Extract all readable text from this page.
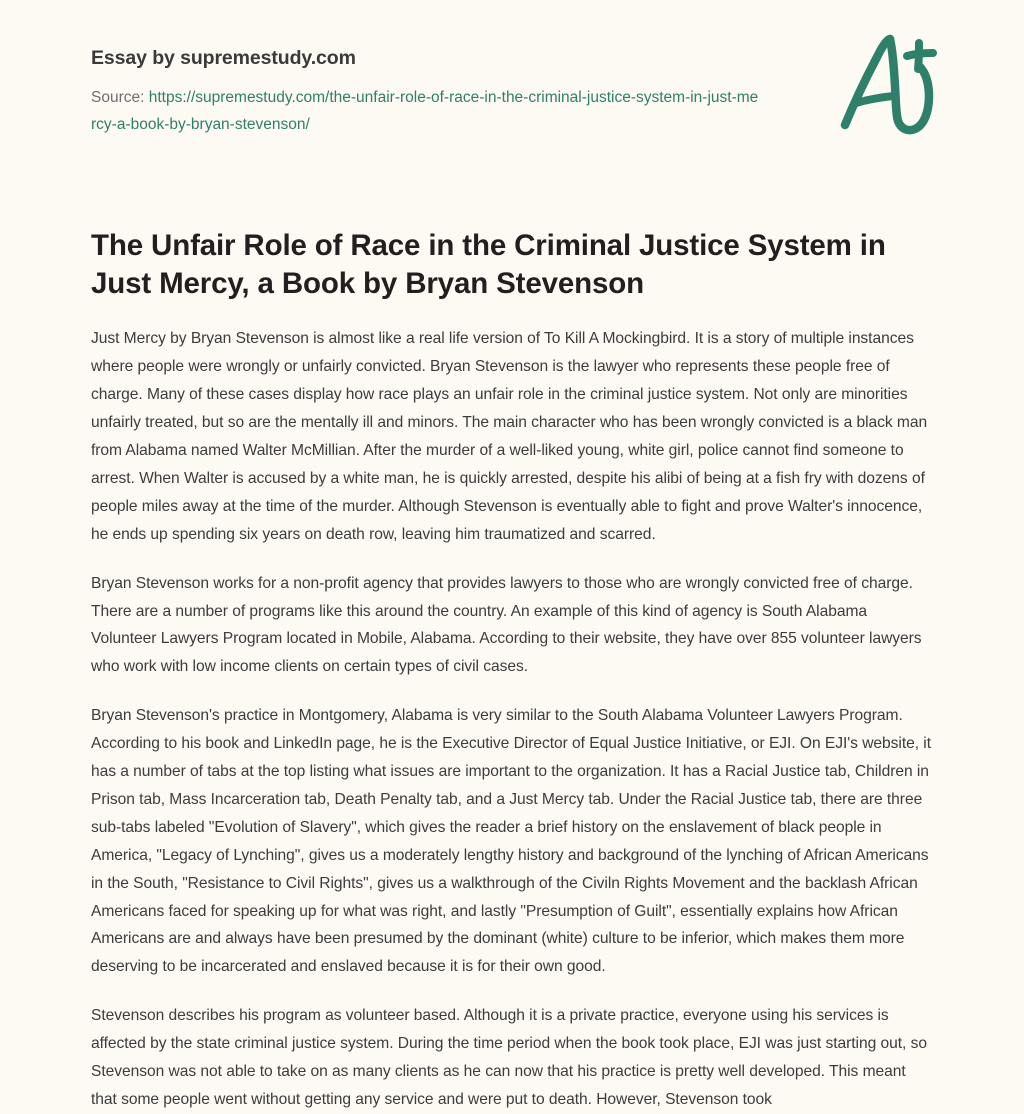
Essay by supremestudy.com

Source: https://supremestudy.com/the-unfair-role-of-race-in-the-criminal-justice-system-in-just-mercy-a-book-by-bryan-stevenson/

The Unfair Role of Race in the Criminal Justice System in Just Mercy, a Book by Bryan Stevenson

Just Mercy by Bryan Stevenson is almost like a real life version of To Kill A Mockingbird. It is a story of multiple instances where people were wrongly or unfairly convicted. Bryan Stevenson is the lawyer who represents these people free of charge. Many of these cases display how race plays an unfair role in the criminal justice system. Not only are minorities unfairly treated, but so are the mentally ill and minors. The main character who has been wrongly convicted is a black man from Alabama named Walter McMillian. After the murder of a well-liked young, white girl, police cannot find someone to arrest. When Walter is accused by a white man, he is quickly arrested, despite his alibi of being at a fish fry with dozens of people miles away at the time of the murder. Although Stevenson is eventually able to fight and prove Walter's innocence, he ends up spending six years on death row, leaving him traumatized and scarred.

Bryan Stevenson works for a non-profit agency that provides lawyers to those who are wrongly convicted free of charge. There are a number of programs like this around the country. An example of this kind of agency is South Alabama Volunteer Lawyers Program located in Mobile, Alabama. According to their website, they have over 855 volunteer lawyers who work with low income clients on certain types of civil cases.

Bryan Stevenson's practice in Montgomery, Alabama is very similar to the South Alabama Volunteer Lawyers Program. According to his book and LinkedIn page, he is the Executive Director of Equal Justice Initiative, or EJI. On EJI's website, it has a number of tabs at the top listing what issues are important to the organization. It has a Racial Justice tab, Children in Prison tab, Mass Incarceration tab, Death Penalty tab, and a Just Mercy tab. Under the Racial Justice tab, there are three sub-tabs labeled "Evolution of Slavery", which gives the reader a brief history on the enslavement of black people in America, "Legacy of Lynching", gives us a moderately lengthy history and background of the lynching of African Americans in the South, "Resistance to Civil Rights", gives us a walkthrough of the Civiln Rights Movement and the backlash African Americans faced for speaking up for what was right, and lastly "Presumption of Guilt", essentially explains how African Americans are and always have been presumed by the dominant (white) culture to be inferior, which makes them more deserving to be incarcerated and enslaved because it is for their own good.

Stevenson describes his program as volunteer based. Although it is a private practice, everyone using his services is affected by the state criminal justice system. During the time period when the book took place, EJI was just starting out, so Stevenson was not able to take on as many clients as he can now that his practice is pretty well developed. This meant that some people went without getting any service and were put to death. However, Stevenson took
